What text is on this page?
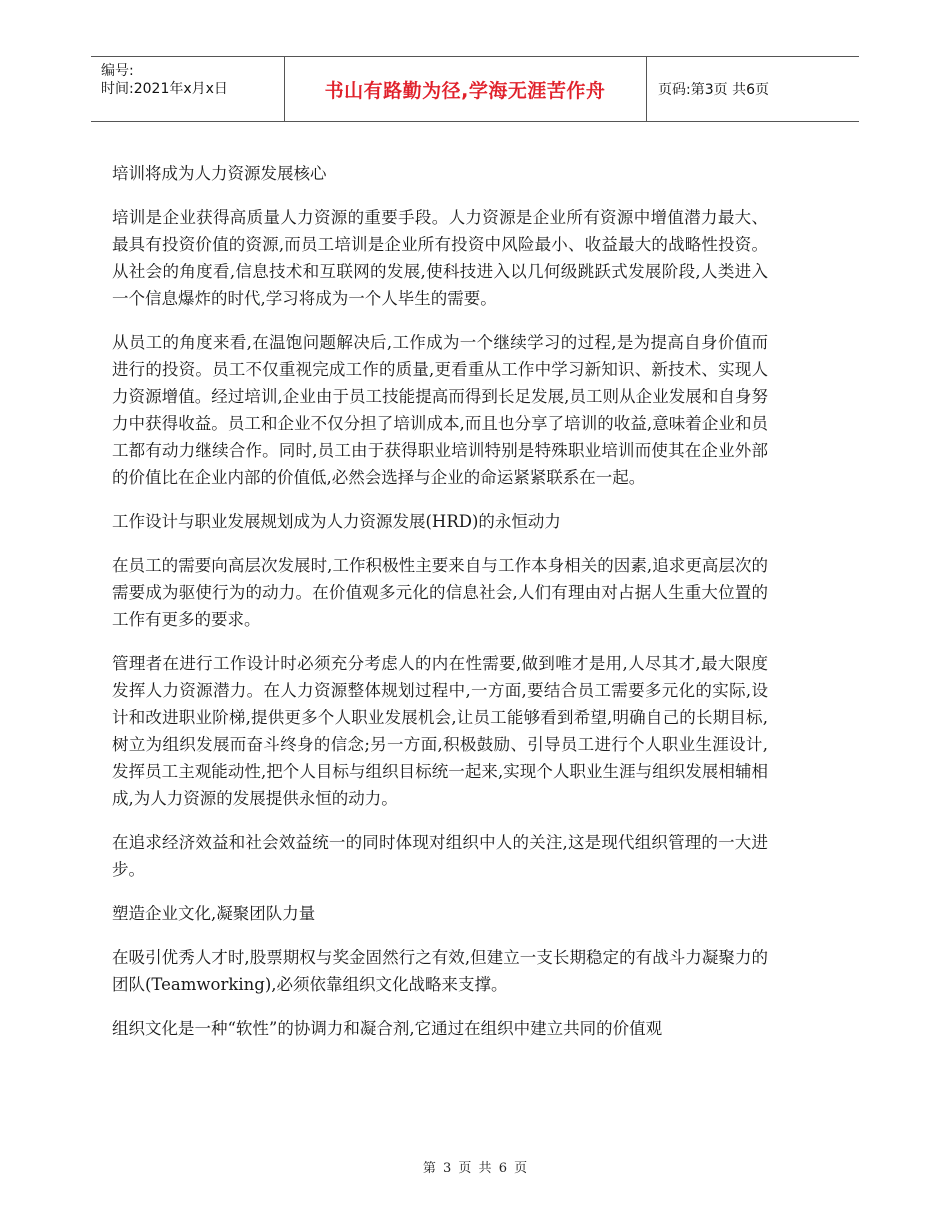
编号:
时间:2021年x月x日	书山有路勤为径,学海无涯苦作舟	页码:第3页 共6页

培训将成为人力资源发展核心

培训是企业获得高质量人力资源的重要手段。人力资源是企业所有资源中增值潜力最大、最具有投资价值的资源,而员工培训是企业所有投资中风险最小、收益最大的战略性投资。从社会的角度看,信息技术和互联网的发展,使科技进入以几何级跳跃式发展阶段,人类进入一个信息爆炸的时代,学习将成为一个人毕生的需要。

从员工的角度来看,在温饱问题解决后,工作成为一个继续学习的过程,是为提高自身价值而进行的投资。员工不仅重视完成工作的质量,更看重从工作中学习新知识、新技术、实现人力资源增值。经过培训,企业由于员工技能提高而得到长足发展,员工则从企业发展和自身努力中获得收益。员工和企业不仅分担了培训成本,而且也分享了培训的收益,意味着企业和员工都有动力继续合作。同时,员工由于获得职业培训特别是特殊职业培训而使其在企业外部的价值比在企业内部的价值低,必然会选择与企业的命运紧紧联系在一起。

工作设计与职业发展规划成为人力资源发展(HRD)的永恒动力

在员工的需要向高层次发展时,工作积极性主要来自与工作本身相关的因素,追求更高层次的需要成为驱使行为的动力。在价值观多元化的信息社会,人们有理由对占据人生重大位置的工作有更多的要求。

管理者在进行工作设计时必须充分考虑人的内在性需要,做到唯才是用,人尽其才,最大限度发挥人力资源潜力。在人力资源整体规划过程中,一方面,要结合员工需要多元化的实际,设计和改进职业阶梯,提供更多个人职业发展机会,让员工能够看到希望,明确自己的长期目标,树立为组织发展而奋斗终身的信念;另一方面,积极鼓励、引导员工进行个人职业生涯设计,发挥员工主观能动性,把个人目标与组织目标统一起来,实现个人职业生涯与组织发展相辅相成,为人力资源的发展提供永恒的动力。

在追求经济效益和社会效益统一的同时体现对组织中人的关注,这是现代组织管理的一大进步。

塑造企业文化,凝聚团队力量

在吸引优秀人才时,股票期权与奖金固然行之有效,但建立一支长期稳定的有战斗力凝聚力的团队(Teamworking),必须依靠组织文化战略来支撑。

组织文化是一种“软性”的协调力和凝合剂,它通过在组织中建立共同的价值观

第 3 页 共 6 页
